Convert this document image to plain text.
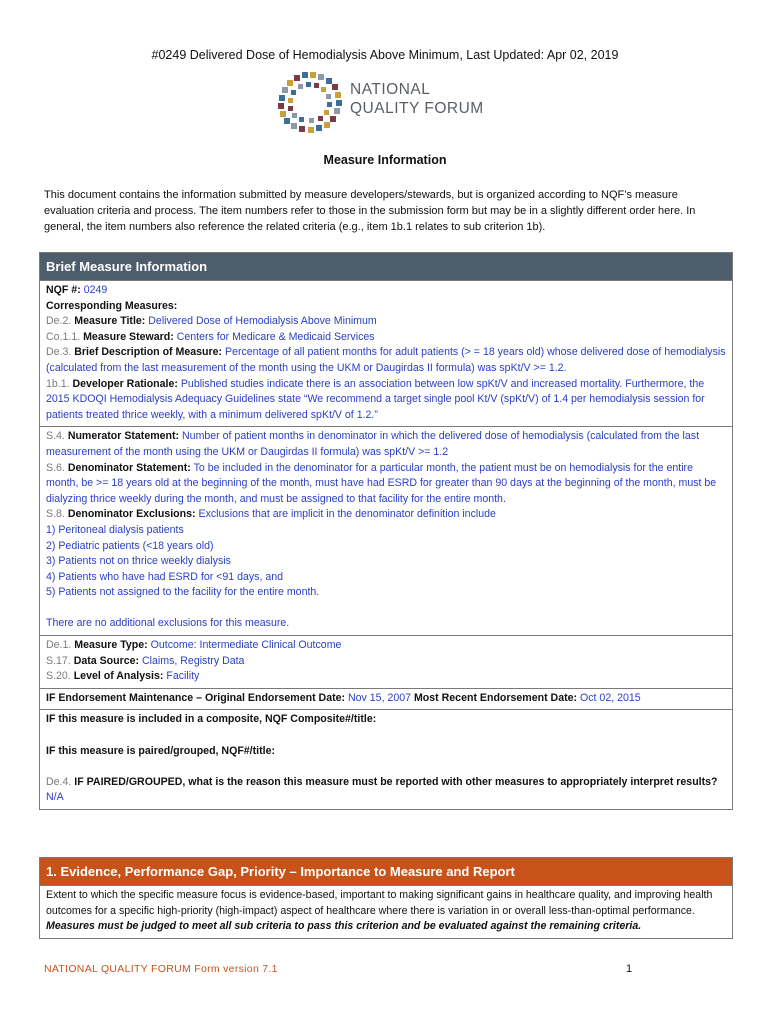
#0249 Delivered Dose of Hemodialysis Above Minimum, Last Updated: Apr 02, 2019
NATIONAL
QUALITY FORUM
Measure Information
This document contains the information submitted by measure developers/stewards, but is organized according to NQF’s measure evaluation criteria and process. The item numbers refer to those in the submission form but may be in a slightly different order here. In general, the item numbers also reference the related criteria (e.g., item 1b.1 relates to sub criterion 1b).
Brief Measure Information

NQF #: 0249

Corresponding Measures:

De.2. Measure Title: Delivered Dose of Hemodialysis Above Minimum

Co.1.1. Measure Steward: Centers for Medicare & Medicaid Services

De.3. Brief Description of Measure: Percentage of all patient months for adult patients (> = 18 years old) whose delivered dose of hemodialysis (calculated from the last measurement of the month using the UKM or Daugirdas II formula) was spKt/V >= 1.2.

1b.1. Developer Rationale: Published studies indicate there is an association between low spKt/V and increased mortality. Furthermore, the 2015 KDOQI Hemodialysis Adequacy Guidelines state “We recommend a target single pool Kt/V (spKt/V) of 1.4 per hemodialysis session for patients treated thrice weekly, with a minimum delivered spKt/V of 1.2.”

S.4. Numerator Statement: Number of patient months in denominator in which the delivered dose of hemodialysis (calculated from the last measurement of the month using the UKM or Daugirdas II formula) was spKt/V >= 1.2

S.6. Denominator Statement: To be included in the denominator for a particular month, the patient must be on hemodialysis for the entire month, be >= 18 years old at the beginning of the month, must have had ESRD for greater than 90 days at the beginning of the month, must be dialyzing thrice weekly during the month, and must be assigned to that facility for the entire month.

S.8. Denominator Exclusions: Exclusions that are implicit in the denominator definition include

1) Peritoneal dialysis patients

2) Pediatric patients (<18 years old)

3) Patients not on thrice weekly dialysis

4) Patients who have had ESRD for <91 days, and

5) Patients not assigned to the facility for the entire month.

There are no additional exclusions for this measure.

De.1. Measure Type: Outcome: Intermediate Clinical Outcome

S.17. Data Source: Claims, Registry Data

S.20. Level of Analysis: Facility

IF Endorsement Maintenance – Original Endorsement Date: Nov 15, 2007 Most Recent Endorsement Date: Oct 02, 2015

IF this measure is included in a composite, NQF Composite#/title:

IF this measure is paired/grouped, NQF#/title:

De.4. IF PAIRED/GROUPED, what is the reason this measure must be reported with other measures to appropriately interpret results? N/A

1. Evidence, Performance Gap, Priority – Importance to Measure and Report
Extent to which the specific measure focus is evidence-based, important to making significant gains in healthcare quality, and improving health outcomes for a specific high-priority (high-impact) aspect of healthcare where there is variation in or overall less-than-optimal performance. Measures must be judged to meet all sub criteria to pass this criterion and be evaluated against the remaining criteria.
NATIONAL QUALITY FORUM Form version 7.1	1
